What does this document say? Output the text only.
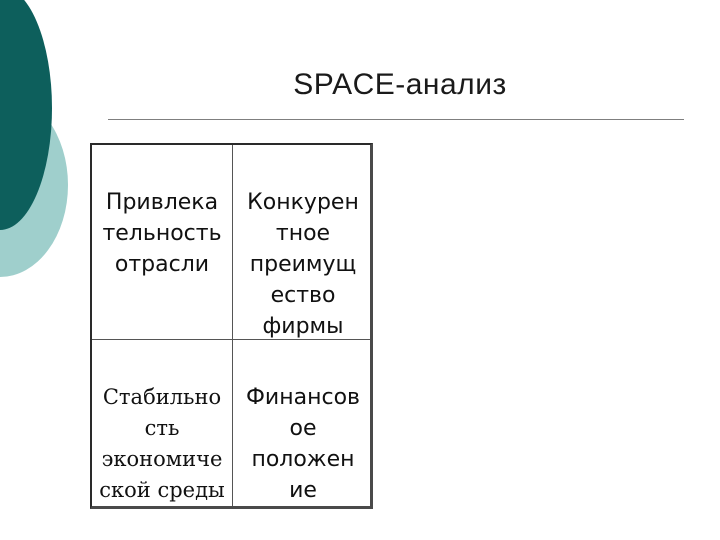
SPACE-анализ
Привлека
тельность
отрасли
Конкурен
тное
преимущ
ество
фирмы
Стабильно
сть
экономиче
ской среды
Финансов
ое
положен
ие
